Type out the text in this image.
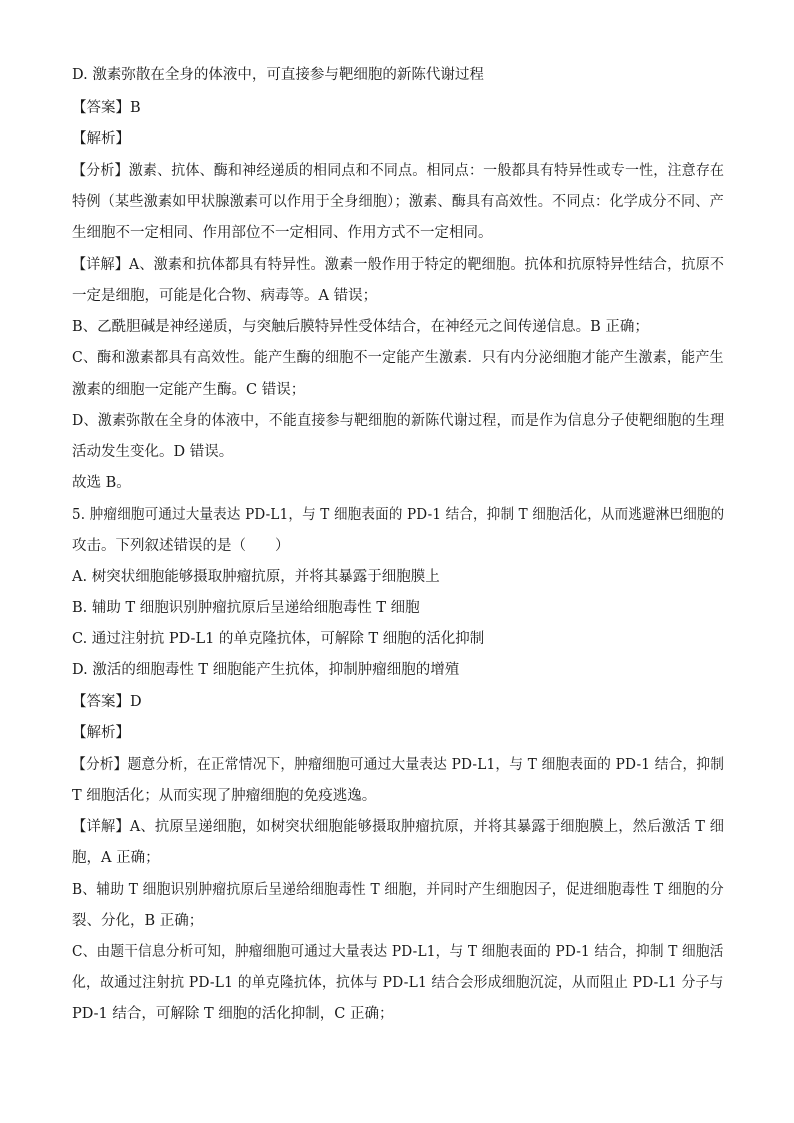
D. 激素弥散在全身的体液中，可直接参与靶细胞的新陈代谢过程
【答案】B
【解析】
【分析】激素、抗体、酶和神经递质的相同点和不同点。相同点：一般都具有特异性或专一性，注意存在
特例（某些激素如甲状腺激素可以作用于全身细胞）；激素、酶具有高效性。不同点：化学成分不同、产
生细胞不一定相同、作用部位不一定相同、作用方式不一定相同。
【详解】A、激素和抗体都具有特异性。激素一般作用于特定的靶细胞。抗体和抗原特异性结合，抗原不
一定是细胞，可能是化合物、病毒等。A 错误；
B、乙酰胆碱是神经递质，与突触后膜特异性受体结合，在神经元之间传递信息。B 正确；
C、酶和激素都具有高效性。能产生酶的细胞不一定能产生激素．只有内分泌细胞才能产生激素，能产生
激素的细胞一定能产生酶。C 错误；
D、激素弥散在全身的体液中，不能直接参与靶细胞的新陈代谢过程，而是作为信息分子使靶细胞的生理
活动发生变化。D 错误。
故选 B。
5. 肿瘤细胞可通过大量表达 PD-L1，与 T 细胞表面的 PD-1 结合，抑制 T 细胞活化，从而逃避淋巴细胞的
攻击。下列叙述错误的是（　　）
A. 树突状细胞能够摄取肿瘤抗原，并将其暴露于细胞膜上
B. 辅助 T 细胞识别肿瘤抗原后呈递给细胞毒性 T 细胞
C. 通过注射抗 PD-L1 的单克隆抗体，可解除 T 细胞的活化抑制
D. 激活的细胞毒性 T 细胞能产生抗体，抑制肿瘤细胞的增殖
【答案】D
【解析】
【分析】题意分析，在正常情况下，肿瘤细胞可通过大量表达 PD-L1，与 T 细胞表面的 PD-1 结合，抑制
T 细胞活化；从而实现了肿瘤细胞的免疫逃逸。
【详解】A、抗原呈递细胞，如树突状细胞能够摄取肿瘤抗原，并将其暴露于细胞膜上，然后激活 T 细
胞，A 正确；
B、辅助 T 细胞识别肿瘤抗原后呈递给细胞毒性 T 细胞，并同时产生细胞因子，促进细胞毒性 T 细胞的分
裂、分化，B 正确；
C、由题干信息分析可知，肿瘤细胞可通过大量表达 PD-L1，与 T 细胞表面的 PD-1 结合，抑制 T 细胞活
化，故通过注射抗 PD-L1 的单克隆抗体，抗体与 PD-L1 结合会形成细胞沉淀，从而阻止 PD-L1 分子与
PD-1 结合，可解除 T 细胞的活化抑制，C 正确；
